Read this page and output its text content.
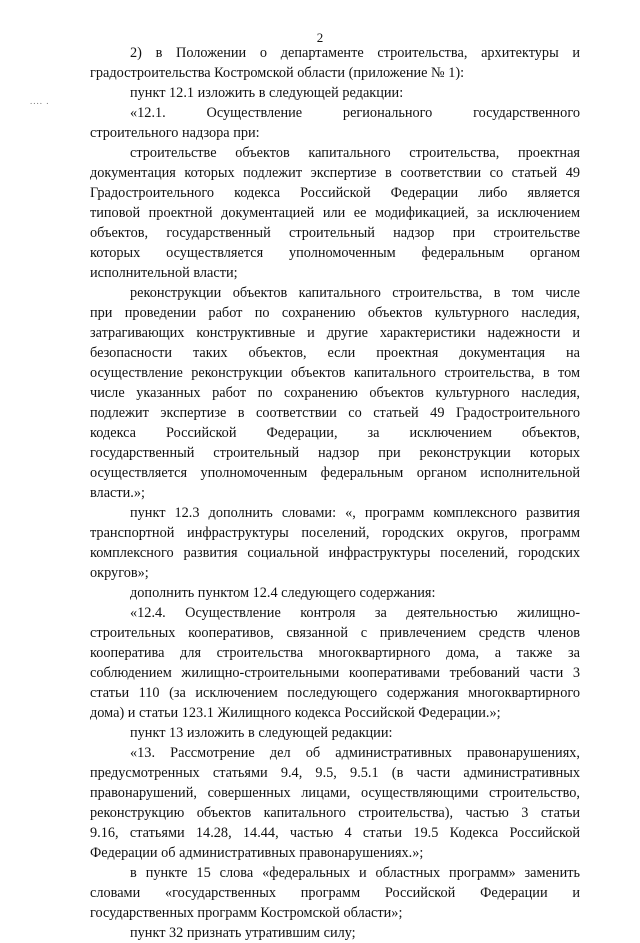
2
.... .
2) в Положении о департаменте строительства, архитектуры и
градостроительства Костромской области (приложение № 1):
пункт 12.1 изложить в следующей редакции:
«12.1. Осуществление регионального государственного
строительного надзора при:
строительстве объектов капитального строительства, проектная
документация которых подлежит экспертизе в соответствии со статьей 49
Градостроительного кодекса Российской Федерации либо является
типовой проектной документацией или ее модификацией, за исключением
объектов, государственный строительный надзор при строительстве
которых осуществляется уполномоченным федеральным органом
исполнительной власти;
реконструкции объектов капитального строительства, в том числе
при проведении работ по сохранению объектов культурного наследия,
затрагивающих конструктивные и другие характеристики надежности и
безопасности таких объектов, если проектная документация на
осуществление реконструкции объектов капитального строительства, в том
числе указанных работ по сохранению объектов культурного наследия,
подлежит экспертизе в соответствии со статьей 49 Градостроительного
кодекса Российской Федерации, за исключением объектов,
государственный строительный надзор при реконструкции которых
осуществляется уполномоченным федеральным органом исполнительной
власти.»;
пункт 12.3 дополнить словами: «, программ комплексного развития
транспортной инфраструктуры поселений, городских округов, программ
комплексного развития социальной инфраструктуры поселений, городских
округов»;
дополнить пунктом 12.4 следующего содержания:
«12.4. Осуществление контроля за деятельностью жилищно-
строительных кооперативов, связанной с привлечением средств членов
кооператива для строительства многоквартирного дома, а также за
соблюдением жилищно-строительными кооперативами требований части 3
статьи 110 (за исключением последующего содержания многоквартирного
дома) и статьи 123.1 Жилищного кодекса Российской Федерации.»;
пункт 13 изложить в следующей редакции:
«13. Рассмотрение дел об административных правонарушениях,
предусмотренных статьями 9.4, 9.5, 9.5.1 (в части административных
правонарушений, совершенных лицами, осуществляющими строительство,
реконструкцию объектов капитального строительства), частью 3 статьи
9.16, статьями 14.28, 14.44, частью 4 статьи 19.5 Кодекса Российской
Федерации об административных правонарушениях.»;
в пункте 15 слова «федеральных и областных программ» заменить
словами «государственных программ Российской Федерации и
государственных программ Костромской области»;
пункт 32 признать утратившим силу;
